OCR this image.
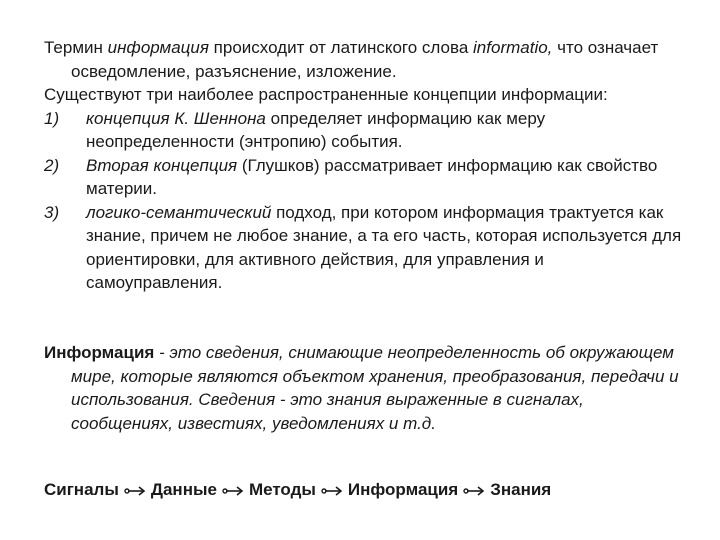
Термин информация происходит от латинского слова informatio, что означает осведомление, разъяснение, изложение.

Существуют три наиболее распространенные концепции информации:

1) концепция К. Шеннона определяет информацию как меру неопределенности (энтропию) события.
2) Вторая концепция (Глушков) рассматривает информацию как свойство материи.
3) логико-семантический подход, при котором информация трактуется как знание, причем не любое знание, а та его часть, которая используется для ориентировки, для активного действия, для управления и самоуправления.

Информация - это сведения, снимающие неопределенность об окружающем мире, которые являются объектом хранения, преобразования, передачи и использования. Сведения - это знания выраженные в сигналах, сообщениях, известиях, уведомлениях и т.д.

Сигналы Данные Методы Информация Знания
